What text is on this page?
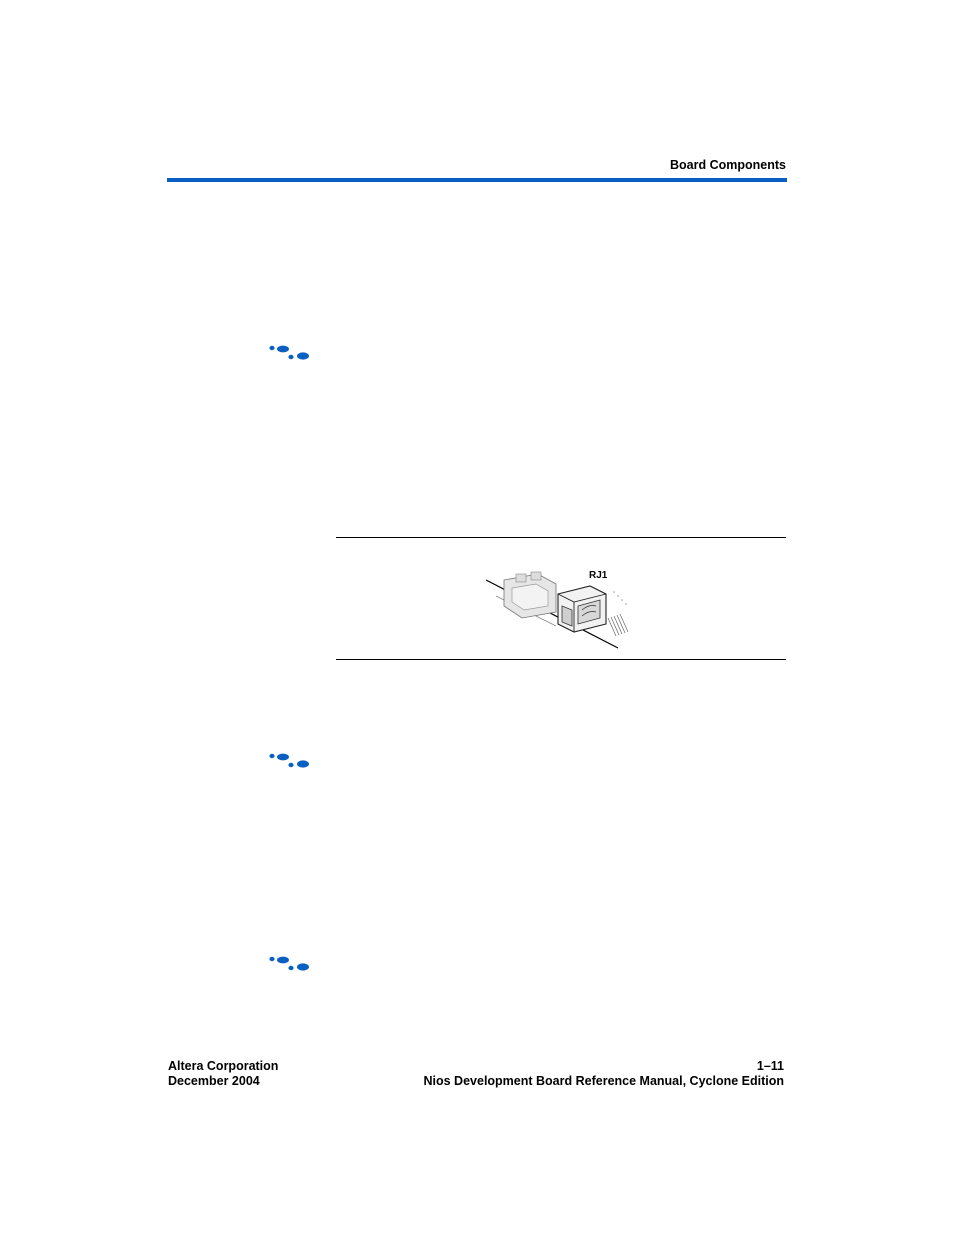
Board Components
RJ1
Altera Corporation
December 2004
1–11
Nios Development Board Reference Manual, Cyclone Edition
